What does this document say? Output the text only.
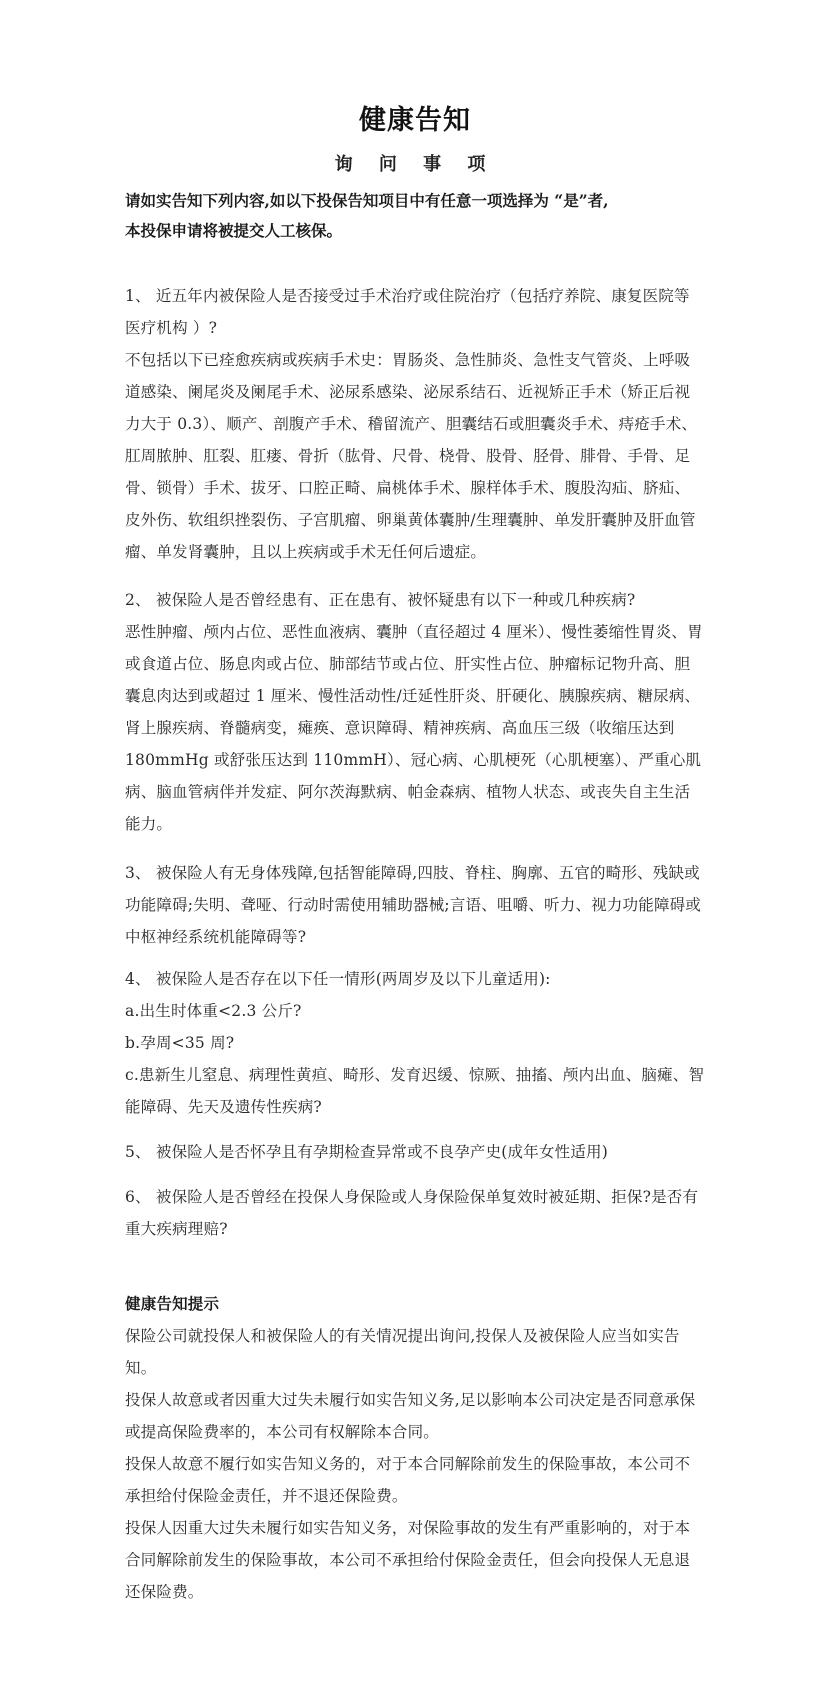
健康告知
询 问 事 项
请如实告知下列内容,如以下投保告知项目中有任意一项选择为 “是”者,
本投保申请将被提交人工核保。

1、 近五年内被保险人是否接受过手术治疗或住院治疗（包括疗养院、康复医院等医疗机构 ）?

不包括以下已痊愈疾病或疾病手术史：胃肠炎、急性肺炎、急性支气管炎、上呼吸道感染、阑尾炎及阑尾手术、泌尿系感染、泌尿系结石、近视矫正手术（矫正后视力大于 0.3）、顺产、剖腹产手术、稽留流产、胆囊结石或胆囊炎手术、痔疮手术、肛周脓肿、肛裂、肛瘘、骨折（肱骨、尺骨、桡骨、股骨、胫骨、腓骨、手骨、足骨、锁骨）手术、拔牙、口腔正畸、扁桃体手术、腺样体手术、腹股沟疝、脐疝、皮外伤、软组织挫裂伤、子宫肌瘤、卵巢黄体囊肿/生理囊肿、单发肝囊肿及肝血管瘤、单发肾囊肿，且以上疾病或手术无任何后遗症。

2、 被保险人是否曾经患有、正在患有、被怀疑患有以下一种或几种疾病?

恶性肿瘤、颅内占位、恶性血液病、囊肿（直径超过 4 厘米）、慢性萎缩性胃炎、胃或食道占位、肠息肉或占位、肺部结节或占位、肝实性占位、肿瘤标记物升高、胆囊息肉达到或超过 1 厘米、慢性活动性/迁延性肝炎、肝硬化、胰腺疾病、糖尿病、肾上腺疾病、脊髓病变，瘫痪、意识障碍、精神疾病、高血压三级（收缩压达到 180mmHg 或舒张压达到 110mmH）、冠心病、心肌梗死（心肌梗塞）、严重心肌病、脑血管病伴并发症、阿尔茨海默病、帕金森病、植物人状态、或丧失自主生活能力。

3、 被保险人有无身体残障,包括智能障碍,四肢、脊柱、胸廓、五官的畸形、残缺或功能障碍;失明、聋哑、行动时需使用辅助器械;言语、咀嚼、听力、视力功能障碍或中枢神经系统机能障碍等?

4、 被保险人是否存在以下任一情形(两周岁及以下儿童适用):

a.出生时体重<2.3 公斤?

b.孕周<35 周?

c.患新生儿窒息、病理性黄疸、畸形、发育迟缓、惊厥、抽搐、颅内出血、脑瘫、智能障碍、先天及遗传性疾病?

5、 被保险人是否怀孕且有孕期检查异常或不良孕产史(成年女性适用)

6、 被保险人是否曾经在投保人身保险或人身保险保单复效时被延期、拒保?是否有重大疾病理赔?

健康告知提示

保险公司就投保人和被保险人的有关情况提出询问,投保人及被保险人应当如实告知。

投保人故意或者因重大过失未履行如实告知义务,足以影响本公司决定是否同意承保或提高保险费率的，本公司有权解除本合同。

投保人故意不履行如实告知义务的，对于本合同解除前发生的保险事故，本公司不承担给付保险金责任，并不退还保险费。

投保人因重大过失未履行如实告知义务，对保险事故的发生有严重影响的，对于本合同解除前发生的保险事故，本公司不承担给付保险金责任，但会向投保人无息退还保险费。
